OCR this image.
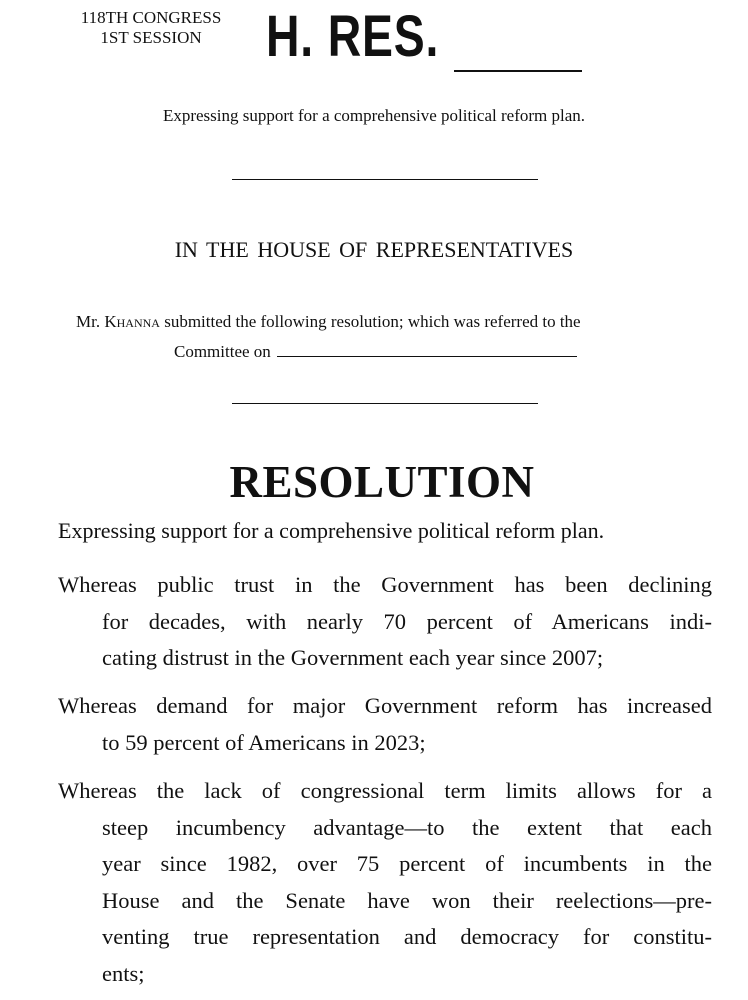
118TH CONGRESS
1ST SESSION	H. RES.
Expressing support for a comprehensive political reform plan.
IN THE HOUSE OF REPRESENTATIVES
Mr. Khanna submitted the following resolution; which was referred to the
Committee on
RESOLUTION
Expressing support for a comprehensive political reform plan.
Whereas public trust in the Government has been declining
for decades, with nearly 70 percent of Americans indi-
cating distrust in the Government each year since 2007;
Whereas demand for major Government reform has increased
to 59 percent of Americans in 2023;
Whereas the lack of congressional term limits allows for a
steep incumbency advantage—to the extent that each
year since 1982, over 75 percent of incumbents in the
House and the Senate have won their reelections—pre-
venting true representation and democracy for constitu-
ents;
